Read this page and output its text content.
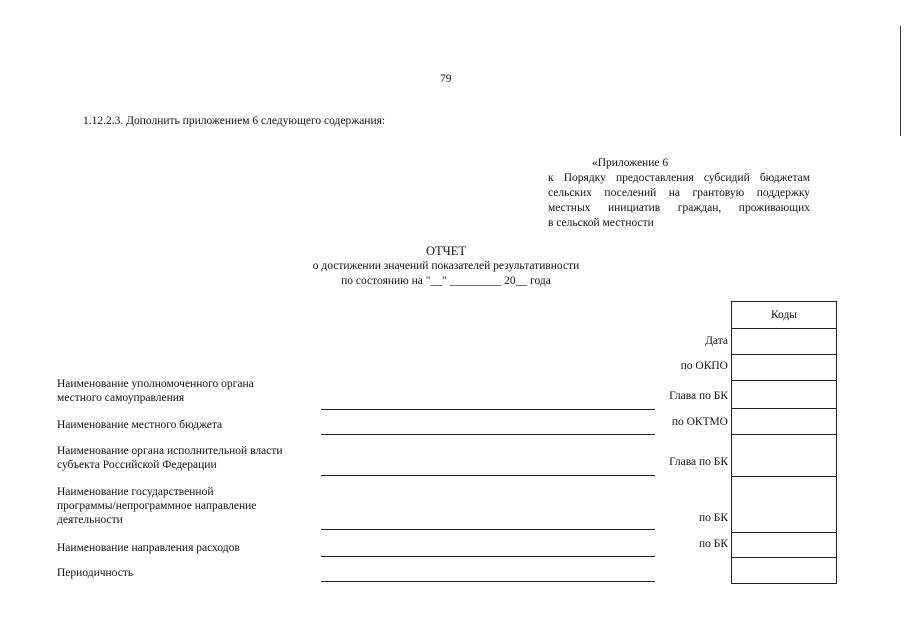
79
1.12.2.3. Дополнить приложением 6 следующего содержания:
«Приложение 6
к Порядку предоставления субсидий бюджетам
сельских поселений на грантовую поддержку
местных инициатив граждан, проживающих
в сельской местности
ОТЧЕТ
о достижении значений показателей результативности
по состоянию на "__" _________ 20__ года
Наименование уполномоченного органа
местного самоуправления
Наименование местного бюджета
Наименование органа исполнительной власти
субъекта Российской Федерации
Наименование государственной
программы/непрограммное направление
деятельности
Наименование направления расходов
Периодичность
Дата
по ОКПО
Глава по БК
по ОКТМО
Глава по БК
по БК
по БК
Коды
